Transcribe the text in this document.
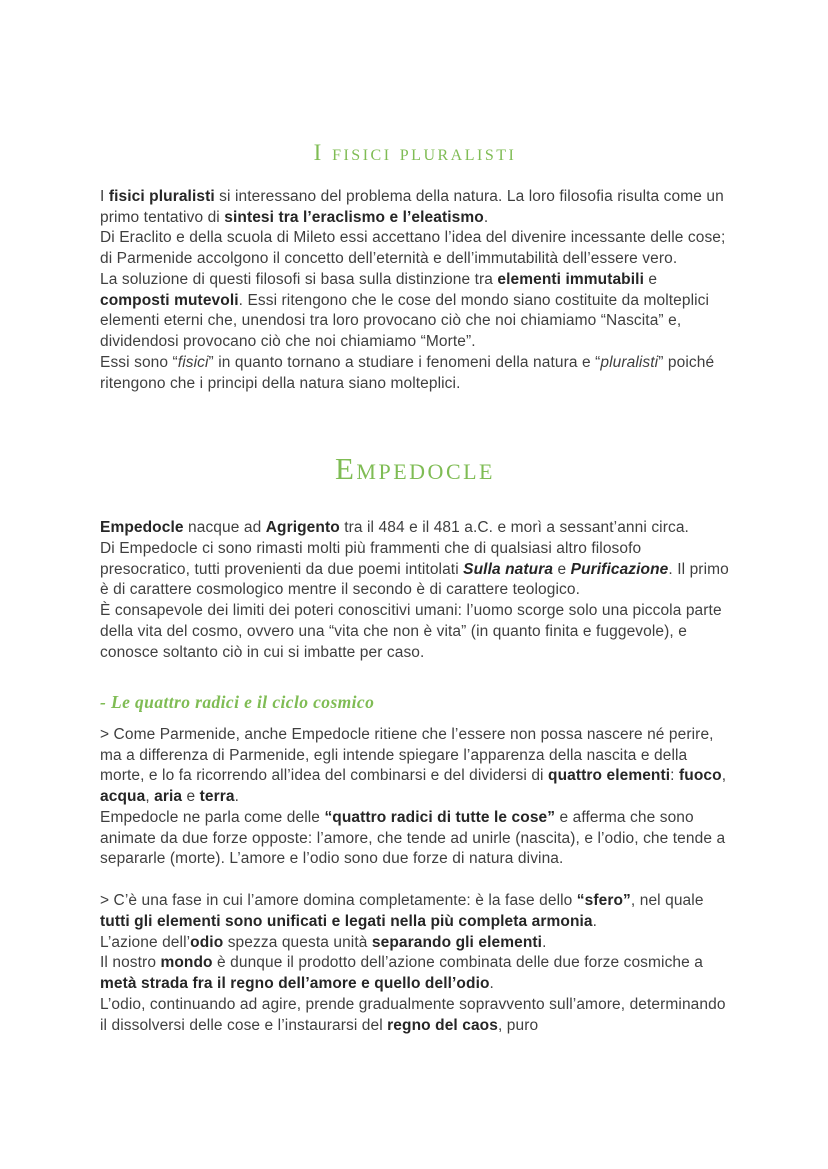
I fisici pluralisti

I fisici pluralisti si interessano del problema della natura. La loro filosofia risulta come un primo tentativo di sintesi tra l’eraclismo e l’eleatismo.

Di Eraclito e della scuola di Mileto essi accettano l’idea del divenire incessante delle cose; di Parmenide accolgono il concetto dell’eternità e dell’immutabilità dell’essere vero.

La soluzione di questi filosofi si basa sulla distinzione tra elementi immutabili e composti mutevoli. Essi ritengono che le cose del mondo siano costituite da molteplici elementi eterni che, unendosi tra loro provocano ciò che noi chiamiamo “Nascita” e, dividendosi provocano ciò che noi chiamiamo “Morte”.

Essi sono “fisici” in quanto tornano a studiare i fenomeni della natura e “pluralisti” poiché ritengono che i principi della natura siano molteplici.

Empedocle

Empedocle nacque ad Agrigento tra il 484 e il 481 a.C. e morì a sessant’anni circa.

Di Empedocle ci sono rimasti molti più frammenti che di qualsiasi altro filosofo presocratico, tutti provenienti da due poemi intitolati Sulla natura e Purificazione. Il primo è di carattere cosmologico mentre il secondo è di carattere teologico.

È consapevole dei limiti dei poteri conoscitivi umani: l’uomo scorge solo una piccola parte della vita del cosmo, ovvero una “vita che non è vita” (in quanto finita e fuggevole), e conosce soltanto ciò in cui si imbatte per caso.

- Le quattro radici e il ciclo cosmico

> Come Parmenide, anche Empedocle ritiene che l’essere non possa nascere né perire, ma a differenza di Parmenide, egli intende spiegare l’apparenza della nascita e della morte, e lo fa ricorrendo all’idea del combinarsi e del dividersi di quattro elementi: fuoco, acqua, aria e terra.

Empedocle ne parla come delle “quattro radici di tutte le cose” e afferma che sono animate da due forze opposte: l’amore, che tende ad unirle (nascita), e l’odio, che tende a separarle (morte). L’amore e l’odio sono due forze di natura divina.

> C’è una fase in cui l’amore domina completamente: è la fase dello “sfero”, nel quale tutti gli elementi sono unificati e legati nella più completa armonia.

L’azione dell’odio spezza questa unità separando gli elementi.

Il nostro mondo è dunque il prodotto dell’azione combinata delle due forze cosmiche a metà strada fra il regno dell’amore e quello dell’odio.

L’odio, continuando ad agire, prende gradualmente sopravvento sull’amore, determinando il dissolversi delle cose e l’instaurarsi del regno del caos, puro
